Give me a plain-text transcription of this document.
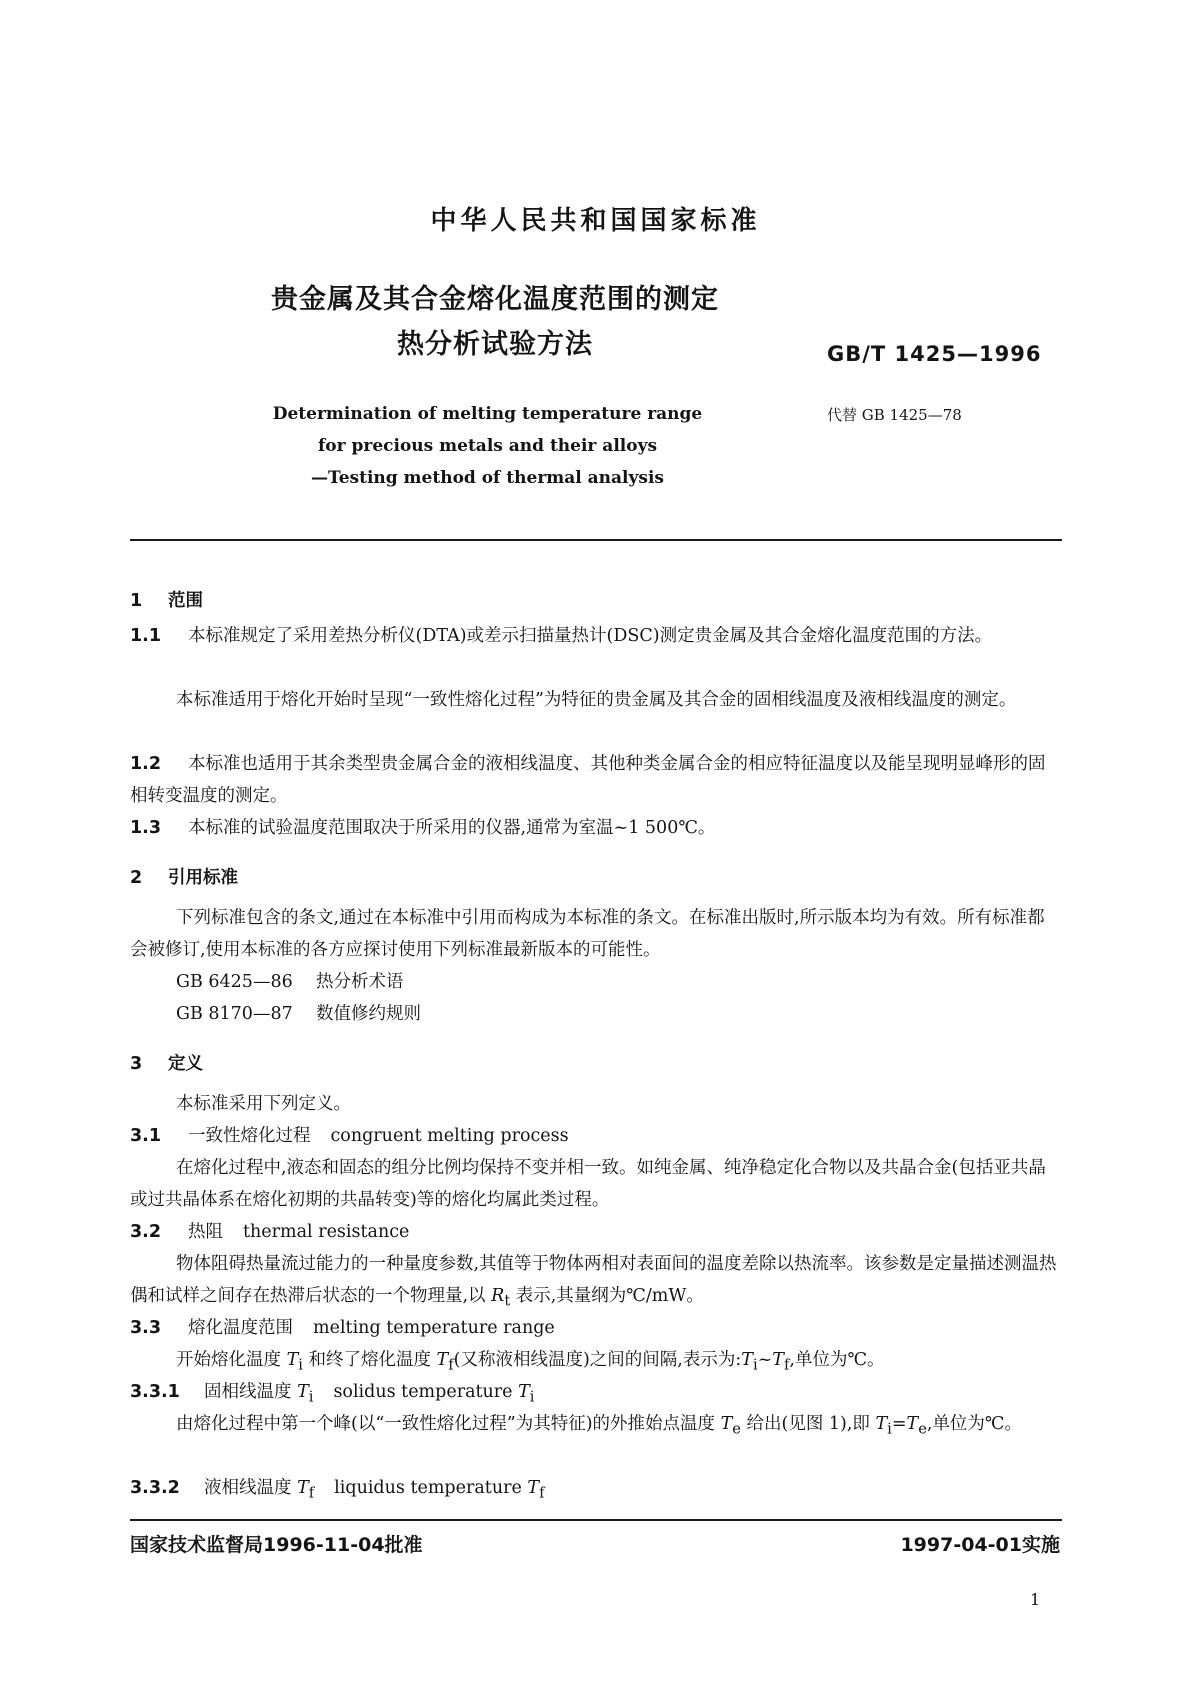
中华人民共和国国家标准
贵金属及其合金熔化温度范围的测定
热分析试验方法	GB/T 1425—1996
Determination of melting temperature range
for precious metals and their alloys
—Testing method of thermal analysis
代替 GB 1425—78
1 范围
1.1 本标准规定了采用差热分析仪(DTA)或差示扫描量热计(DSC)测定贵金属及其合金熔化温度范围的方法。
本标准适用于熔化开始时呈现“一致性熔化过程”为特征的贵金属及其合金的固相线温度及液相线温度的测定。
1.2 本标准也适用于其余类型贵金属合金的液相线温度、其他种类金属合金的相应特征温度以及能呈现明显峰形的固相转变温度的测定。
1.3 本标准的试验温度范围取决于所采用的仪器,通常为室温~1 500℃。
2 引用标准
下列标准包含的条文,通过在本标准中引用而构成为本标准的条文。在标准出版时,所示版本均为有效。所有标准都会被修订,使用本标准的各方应探讨使用下列标准最新版本的可能性。
GB 6425—86 热分析术语
GB 8170—87 数值修约规则
3 定义
本标准采用下列定义。
3.1 一致性熔化过程 congruent melting process
在熔化过程中,液态和固态的组分比例均保持不变并相一致。如纯金属、纯净稳定化合物以及共晶合金(包括亚共晶或过共晶体系在熔化初期的共晶转变)等的熔化均属此类过程。
3.2 热阻 thermal resistance
物体阻碍热量流过能力的一种量度参数,其值等于物体两相对表面间的温度差除以热流率。该参数是定量描述测温热偶和试样之间存在热滞后状态的一个物理量,以 $R_t$ 表示,其量纲为℃/mW。
3.3 熔化温度范围 melting temperature range
开始熔化温度 $T_i$ 和终了熔化温度 $T_f$(又称液相线温度)之间的间隔,表示为$:T_i\sim T_f$,单位为℃。
3.3.1 固相线温度 $T_i$ solidus temperature $T_i$
由熔化过程中第一个峰(以“一致性熔化过程”为其特征)的外推始点温度 $T_e$ 给出(见图 1),即 $T_i=T_e$,单位为℃。
3.3.2 液相线温度 $T_f$ liquidus temperature $T_f$
国家技术监督局1996-11-04批准	1997-04-01实施
1
